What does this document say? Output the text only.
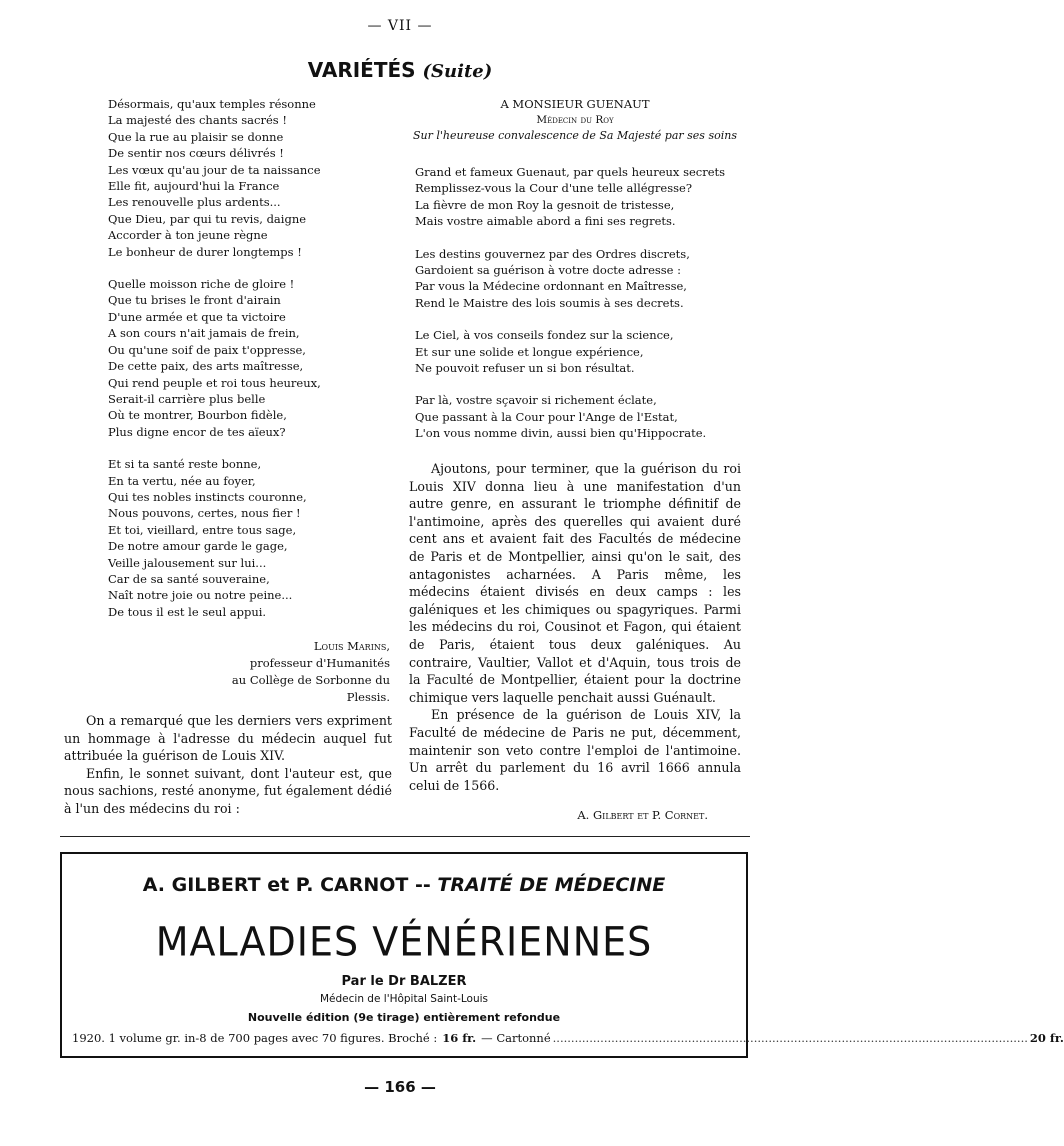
— VII —
VARIÉTÉS (Suite)
Désormais, qu'aux temples résonne
La majesté des chants sacrés !
Que la rue au plaisir se donne
De sentir nos cœurs délivrés !
Les vœux qu'au jour de ta naissance
Elle fit, aujourd'hui la France
Les renouvelle plus ardents...
Que Dieu, par qui tu revis, daigne
Accorder à ton jeune règne
Le bonheur de durer longtemps !
Quelle moisson riche de gloire !
Que tu brises le front d'airain
D'une armée et que ta victoire
A son cours n'ait jamais de frein,
Ou qu'une soif de paix t'oppresse,
De cette paix, des arts maîtresse,
Qui rend peuple et roi tous heureux,
Serait-il carrière plus belle
Où te montrer, Bourbon fidèle,
Plus digne encor de tes aïeux?
Et si ta santé reste bonne,
En ta vertu, née au foyer,
Qui tes nobles instincts couronne,
Nous pouvons, certes, nous fier !
Et toi, vieillard, entre tous sage,
De notre amour garde le gage,
Veille jalousement sur lui...
Car de sa santé souveraine,
Naît notre joie ou notre peine...
De tous il est le seul appui.
Louis Marins,
professeur d'Humanités
au Collège de Sorbonne du Plessis.

On a remarqué que les derniers vers expriment un hommage à l'adresse du médecin auquel fut attribuée la guérison de Louis XIV.

Enfin, le sonnet suivant, dont l'auteur est, que nous sachions, resté anonyme, fut également dédié à l'un des médecins du roi :

A MONSIEUR GUENAUT
Médecin du Roy
Sur l'heureuse convalescence de Sa Majesté par ses soins
Grand et fameux Guenaut, par quels heureux secrets
Remplissez-vous la Cour d'une telle allégresse?
La fièvre de mon Roy la gesnoit de tristesse,
Mais vostre aimable abord a fini ses regrets.
Les destins gouvernez par des Ordres discrets,
Gardoient sa guérison à votre docte adresse :
Par vous la Médecine ordonnant en Maîtresse,
Rend le Maistre des lois soumis à ses decrets.
Le Ciel, à vos conseils fondez sur la science,
Et sur une solide et longue expérience,
Ne pouvoit refuser un si bon résultat.
Par là, vostre sçavoir si richement éclate,
Que passant à la Cour pour l'Ange de l'Estat,
L'on vous nomme divin, aussi bien qu'Hippocrate.

Ajoutons, pour terminer, que la guérison du roi Louis XIV donna lieu à une manifestation d'un autre genre, en assurant le triomphe définitif de l'antimoine, après des querelles qui avaient duré cent ans et avaient fait des Facultés de médecine de Paris et de Montpellier, ainsi qu'on le sait, des antagonistes acharnées. A Paris même, les médecins étaient divisés en deux camps : les galéniques et les chimiques ou spagyriques. Parmi les médecins du roi, Cousinot et Fagon, qui étaient de Paris, étaient tous deux galéniques. Au contraire, Vaultier, Vallot et d'Aquin, tous trois de la Faculté de Montpellier, étaient pour la doctrine chimique vers laquelle penchait aussi Guénault.

En présence de la guérison de Louis XIV, la Faculté de médecine de Paris ne put, décemment, maintenir son veto contre l'emploi de l'antimoine. Un arrêt du parlement du 16 avril 1666 annula celui de 1566.

A. Gilbert et P. Cornet.
A. GILBERT et P. CARNOT -- TRAITÉ DE MÉDECINE
MALADIES VÉNÉRIENNES
Par le Dr BALZER
Médecin de l'Hôpital Saint-Louis
Nouvelle édition (9e tirage) entièrement refondue
1920. 1 volume gr. in-8 de 700 pages avec 70 figures. Broché : 16 fr. — Cartonné .................................................................................................................................. 20 fr.
— 166 —
